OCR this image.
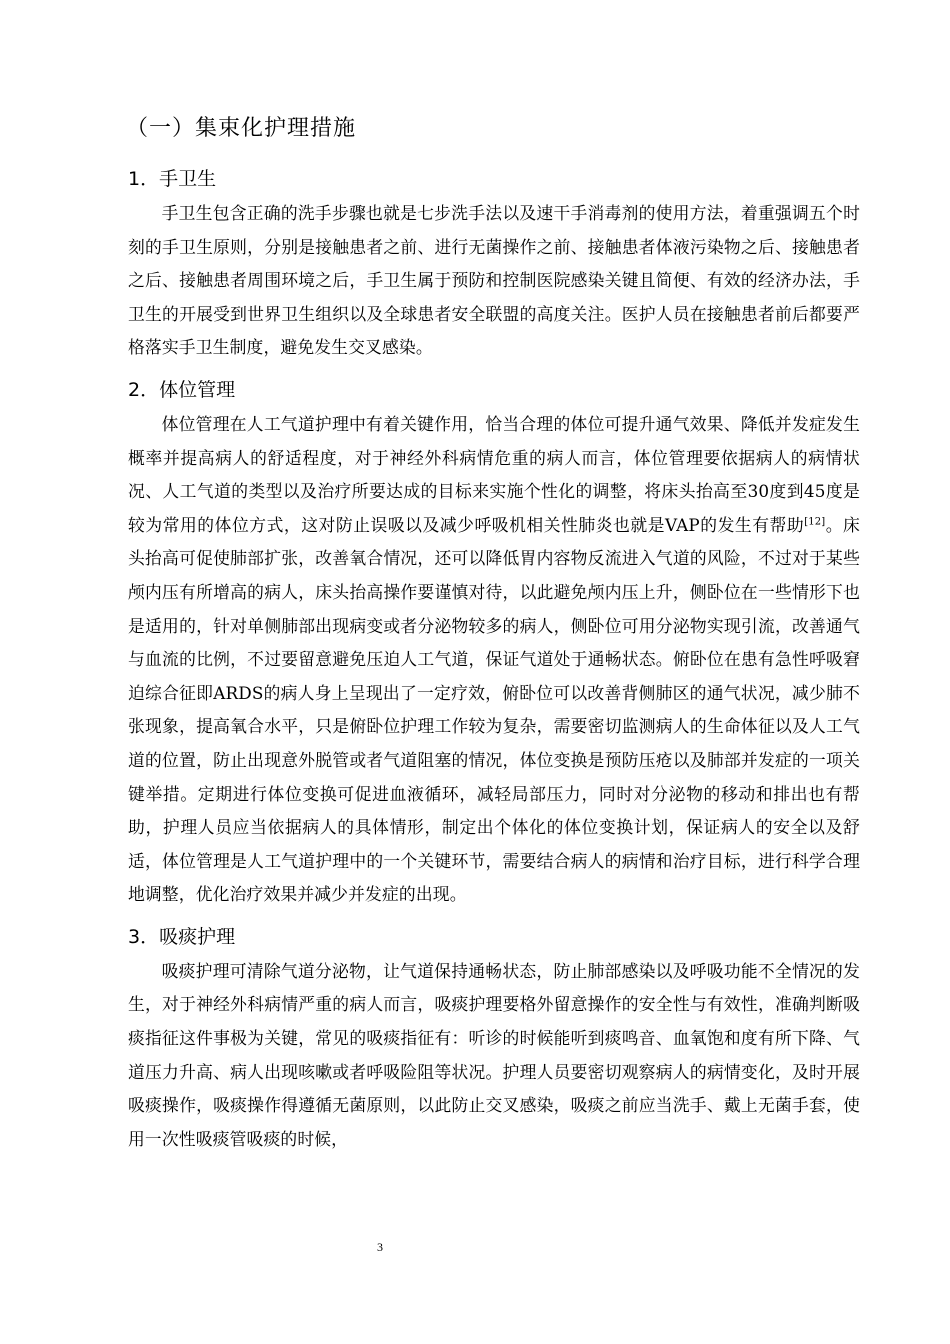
（一）集束化护理措施
1．手卫生

手卫生包含正确的洗手步骤也就是七步洗手法以及速干手消毒剂的使用方法，着重强调五个时刻的手卫生原则，分别是接触患者之前、进行无菌操作之前、接触患者体液污染物之后、接触患者之后、接触患者周围环境之后，手卫生属于预防和控制医院感染关键且简便、有效的经济办法，手卫生的开展受到世界卫生组织以及全球患者安全联盟的高度关注。医护人员在接触患者前后都要严格落实手卫生制度，避免发生交叉感染。

2．体位管理

体位管理在人工气道护理中有着关键作用，恰当合理的体位可提升通气效果、降低并发症发生概率并提高病人的舒适程度，对于神经外科病情危重的病人而言，体位管理要依据病人的病情状况、人工气道的类型以及治疗所要达成的目标来实施个性化的调整，将床头抬高至30度到45度是较为常用的体位方式，这对防止误吸以及减少呼吸机相关性肺炎也就是VAP的发生有帮助[12]。床头抬高可促使肺部扩张，改善氧合情况，还可以降低胃内容物反流进入气道的风险，不过对于某些颅内压有所增高的病人，床头抬高操作要谨慎对待，以此避免颅内压上升，侧卧位在一些情形下也是适用的，针对单侧肺部出现病变或者分泌物较多的病人，侧卧位可用分泌物实现引流，改善通气与血流的比例，不过要留意避免压迫人工气道，保证气道处于通畅状态。俯卧位在患有急性呼吸窘迫综合征即ARDS的病人身上呈现出了一定疗效，俯卧位可以改善背侧肺区的通气状况，减少肺不张现象，提高氧合水平，只是俯卧位护理工作较为复杂，需要密切监测病人的生命体征以及人工气道的位置，防止出现意外脱管或者气道阻塞的情况，体位变换是预防压疮以及肺部并发症的一项关键举措。定期进行体位变换可促进血液循环，减轻局部压力，同时对分泌物的移动和排出也有帮助，护理人员应当依据病人的具体情形，制定出个体化的体位变换计划，保证病人的安全以及舒适，体位管理是人工气道护理中的一个关键环节，需要结合病人的病情和治疗目标，进行科学合理地调整，优化治疗效果并减少并发症的出现。

3．吸痰护理

吸痰护理可清除气道分泌物，让气道保持通畅状态，防止肺部感染以及呼吸功能不全情况的发生，对于神经外科病情严重的病人而言，吸痰护理要格外留意操作的安全性与有效性，准确判断吸痰指征这件事极为关键，常见的吸痰指征有：听诊的时候能听到痰鸣音、血氧饱和度有所下降、气道压力升高、病人出现咳嗽或者呼吸险阻等状况。护理人员要密切观察病人的病情变化，及时开展吸痰操作，吸痰操作得遵循无菌原则，以此防止交叉感染，吸痰之前应当洗手、戴上无菌手套，使用一次性吸痰管吸痰的时候，

3
